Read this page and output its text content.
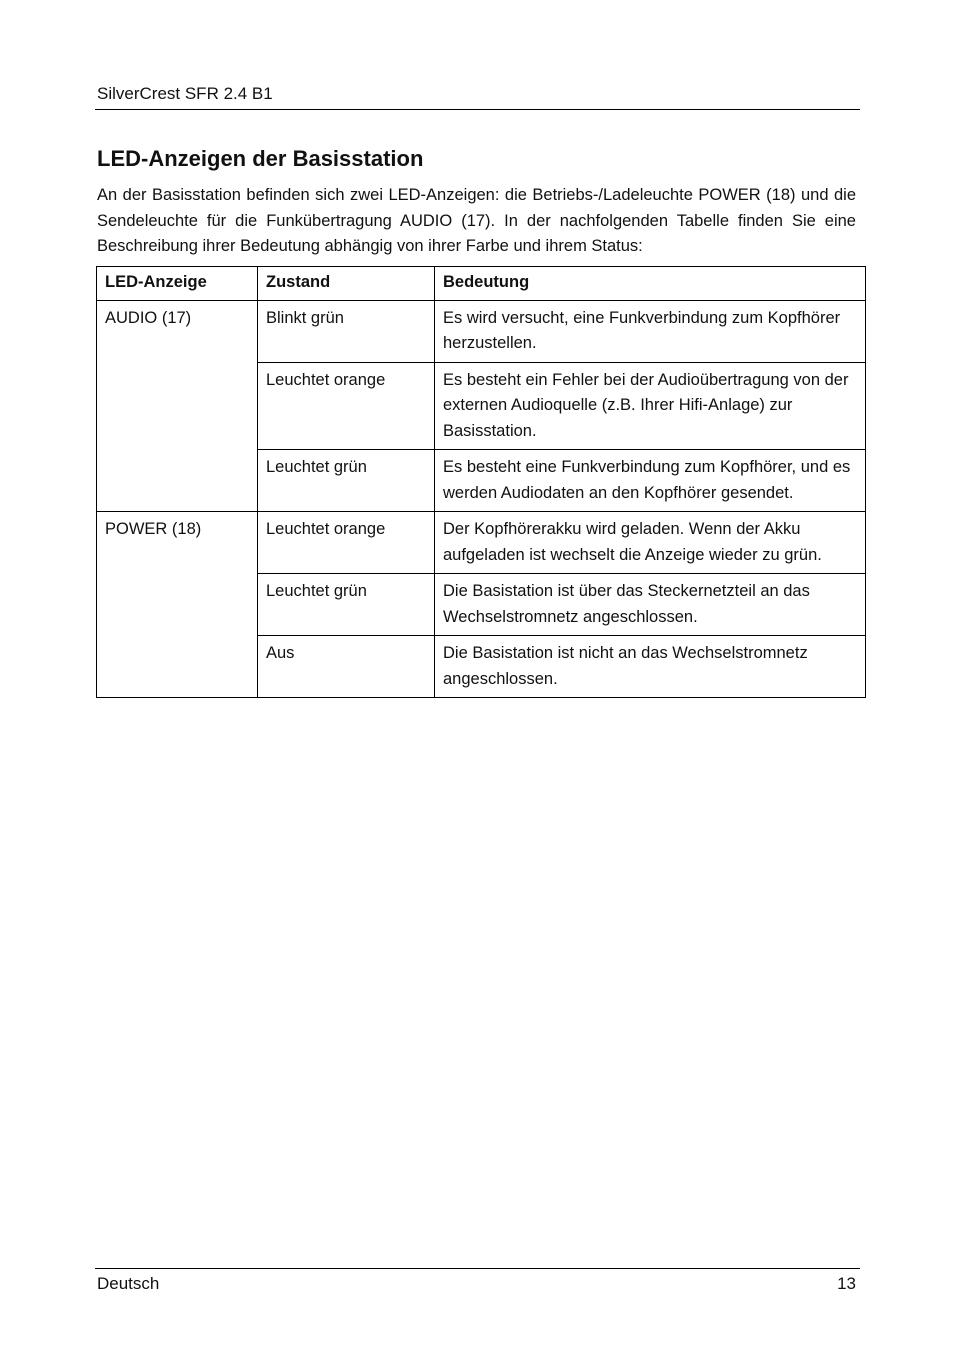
SilverCrest SFR 2.4 B1
LED-Anzeigen der Basisstation

An der Basisstation befinden sich zwei LED-Anzeigen: die Betriebs-/Ladeleuchte POWER (18) und die Sendeleuchte für die Funkübertragung AUDIO (17). In der nachfolgenden Tabelle finden Sie eine Beschreibung ihrer Bedeutung abhängig von ihrer Farbe und ihrem Status:

LED-Anzeige	Zustand	Bedeutung
AUDIO (17)	Blinkt grün	Es wird versucht, eine Funkverbindung zum Kopfhörer herzustellen.
	Leuchtet orange	Es besteht ein Fehler bei der Audioübertragung von der externen Audioquelle (z.B. Ihrer Hifi-Anlage) zur Basisstation.
	Leuchtet grün	Es besteht eine Funkverbindung zum Kopfhörer, und es werden Audiodaten an den Kopfhörer gesendet.
POWER (18)	Leuchtet orange	Der Kopfhörerakku wird geladen. Wenn der Akku aufgeladen ist wechselt die Anzeige wieder zu grün.
	Leuchtet grün	Die Basistation ist über das Steckernetzteil an das Wechselstromnetz angeschlossen.
	Aus	Die Basistation ist nicht an das Wechselstromnetz angeschlossen.
Deutsch	13
